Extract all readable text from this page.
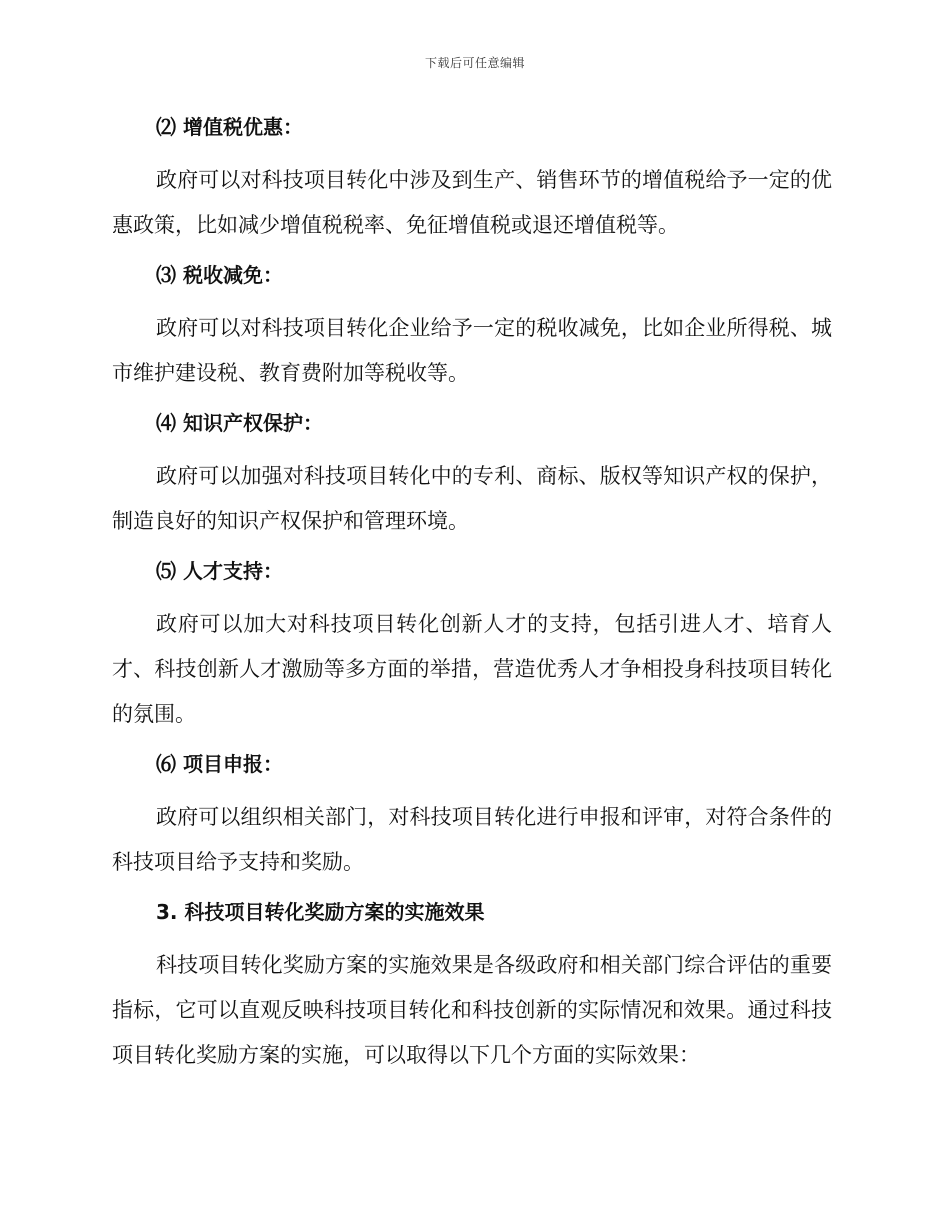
下载后可任意编辑
⑵ 增值税优惠：

政府可以对科技项目转化中涉及到生产、销售环节的增值税给予一定的优惠政策，比如减少增值税税率、免征增值税或退还增值税等。

⑶ 税收减免：

政府可以对科技项目转化企业给予一定的税收减免，比如企业所得税、城市维护建设税、教育费附加等税收等。

⑷ 知识产权保护：

政府可以加强对科技项目转化中的专利、商标、版权等知识产权的保护，制造良好的知识产权保护和管理环境。

⑸ 人才支持：

政府可以加大对科技项目转化创新人才的支持，包括引进人才、培育人才、科技创新人才激励等多方面的举措，营造优秀人才争相投身科技项目转化的氛围。

⑹ 项目申报：

政府可以组织相关部门，对科技项目转化进行申报和评审，对符合条件的科技项目给予支持和奖励。

3. 科技项目转化奖励方案的实施效果

科技项目转化奖励方案的实施效果是各级政府和相关部门综合评估的重要指标，它可以直观反映科技项目转化和科技创新的实际情况和效果。通过科技项目转化奖励方案的实施，可以取得以下几个方面的实际效果：
